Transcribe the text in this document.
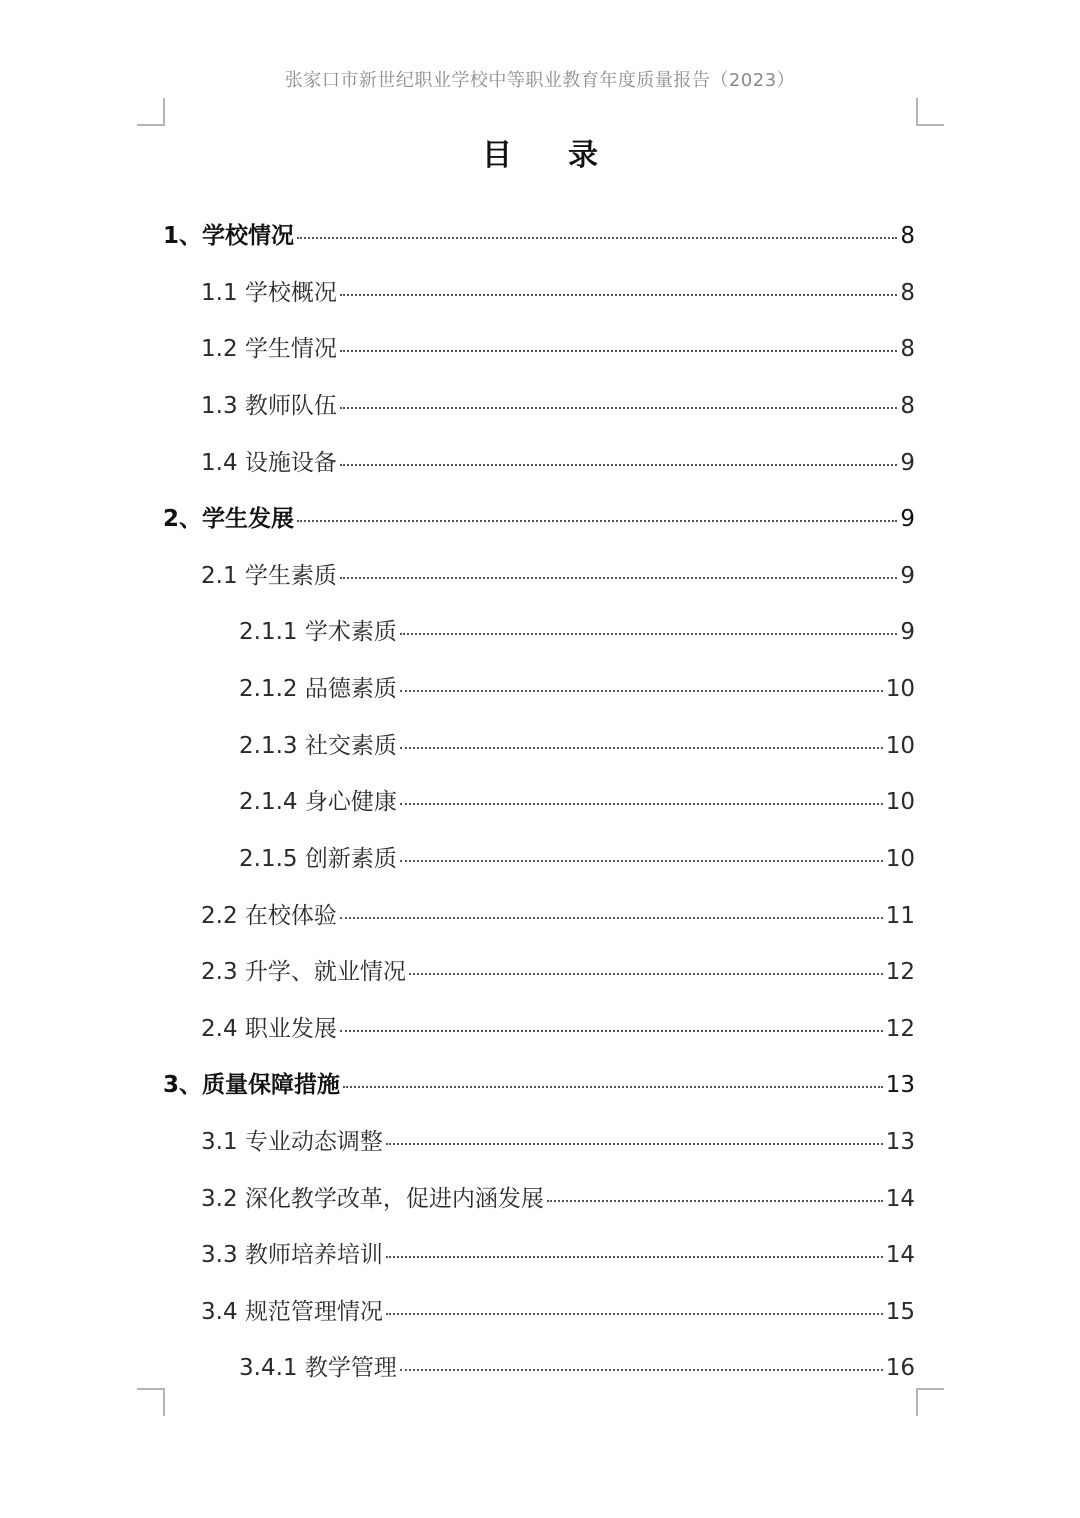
张家口市新世纪职业学校中等职业教育年度质量报告（2023）
目录
1、学校情况	8
1.1 学校概况	8
1.2 学生情况	8
1.3 教师队伍	8
1.4 设施设备	9
2、学生发展	9
2.1 学生素质	9
2.1.1 学术素质	9
2.1.2 品德素质	10
2.1.3 社交素质	10
2.1.4 身心健康	10
2.1.5 创新素质	10
2.2 在校体验	11
2.3 升学、就业情况	12
2.4 职业发展	12
3、质量保障措施	13
3.1 专业动态调整	13
3.2 深化教学改革，促进内涵发展	14
3.3 教师培养培训	14
3.4 规范管理情况	15
3.4.1 教学管理	16
